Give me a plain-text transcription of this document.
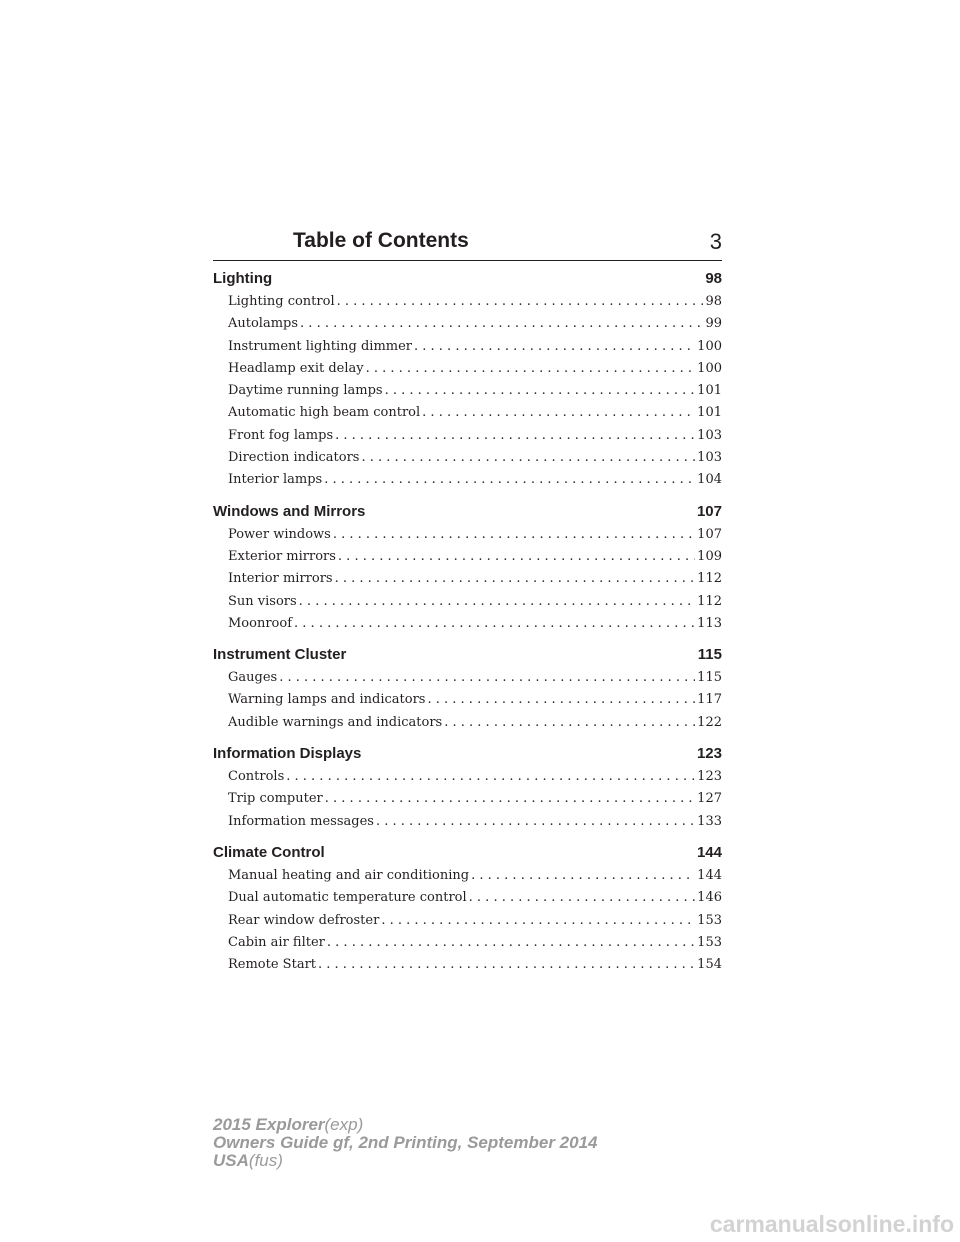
Table of Contents	3
Lighting	98
Lighting control . . .	98
Autolamps . . .	99
Instrument lighting dimmer . . .	100
Headlamp exit delay . . .	100
Daytime running lamps . . .	101
Automatic high beam control . . .	101
Front fog lamps . . .	103
Direction indicators . . .	103
Interior lamps . . .	104
Windows and Mirrors	107
Power windows . . .	107
Exterior mirrors . . .	109
Interior mirrors . . .	112
Sun visors . . .	112
Moonroof . . .	113
Instrument Cluster	115
Gauges . . .	115
Warning lamps and indicators . . .	117
Audible warnings and indicators . . .	122
Information Displays	123
Controls . . .	123
Trip computer . . .	127
Information messages . . .	133
Climate Control	144
Manual heating and air conditioning . . .	144
Dual automatic temperature control . . .	146
Rear window defroster . . .	153
Cabin air filter . . .	153
Remote Start . . .	154
2015 Explorer(exp)
Owners Guide gf, 2nd Printing, September 2014
USA(fus)
carmanualsonline.info
